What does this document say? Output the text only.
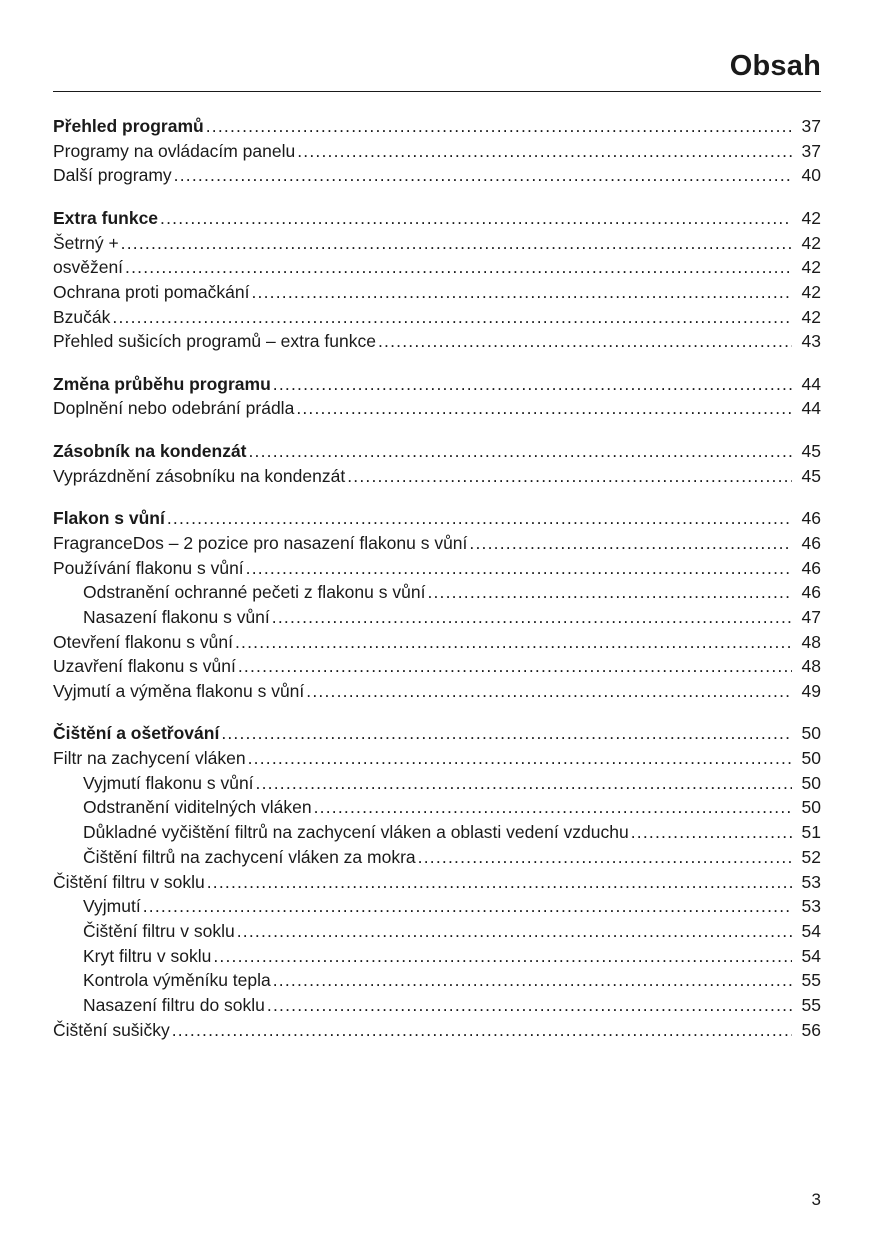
Obsah
Přehled programů .....	37
Programy na ovládacím panelu .....	37
Další programy .....	40
Extra funkce .....	42
Šetrný + .....	42
osvěžení .....	42
Ochrana proti pomačkání .....	42
Bzučák .....	42
Přehled sušicích programů – extra funkce .....	43
Změna průběhu programu .....	44
Doplnění nebo odebrání prádla .....	44
Zásobník na kondenzát .....	45
Vyprázdnění zásobníku na kondenzát .....	45
Flakon s vůní .....	46
FragranceDos – 2 pozice pro nasazení flakonu s vůní .....	46
Používání flakonu s vůní .....	46
Odstranění ochranné pečeti z flakonu s vůní .....	46
Nasazení flakonu s vůní .....	47
Otevření flakonu s vůní .....	48
Uzavření flakonu s vůní .....	48
Vyjmutí a výměna flakonu s vůní .....	49
Čištění a ošetřování .....	50
Filtr na zachycení vláken .....	50
Vyjmutí flakonu s vůní .....	50
Odstranění viditelných vláken .....	50
Důkladné vyčištění filtrů na zachycení vláken a oblasti vedení vzduchu .....	51
Čištění filtrů na zachycení vláken za mokra .....	52
Čištění filtru v soklu .....	53
Vyjmutí .....	53
Čištění filtru v soklu .....	54
Kryt filtru v soklu .....	54
Kontrola výměníku tepla .....	55
Nasazení filtru do soklu .....	55
Čištění sušičky .....	56
3
